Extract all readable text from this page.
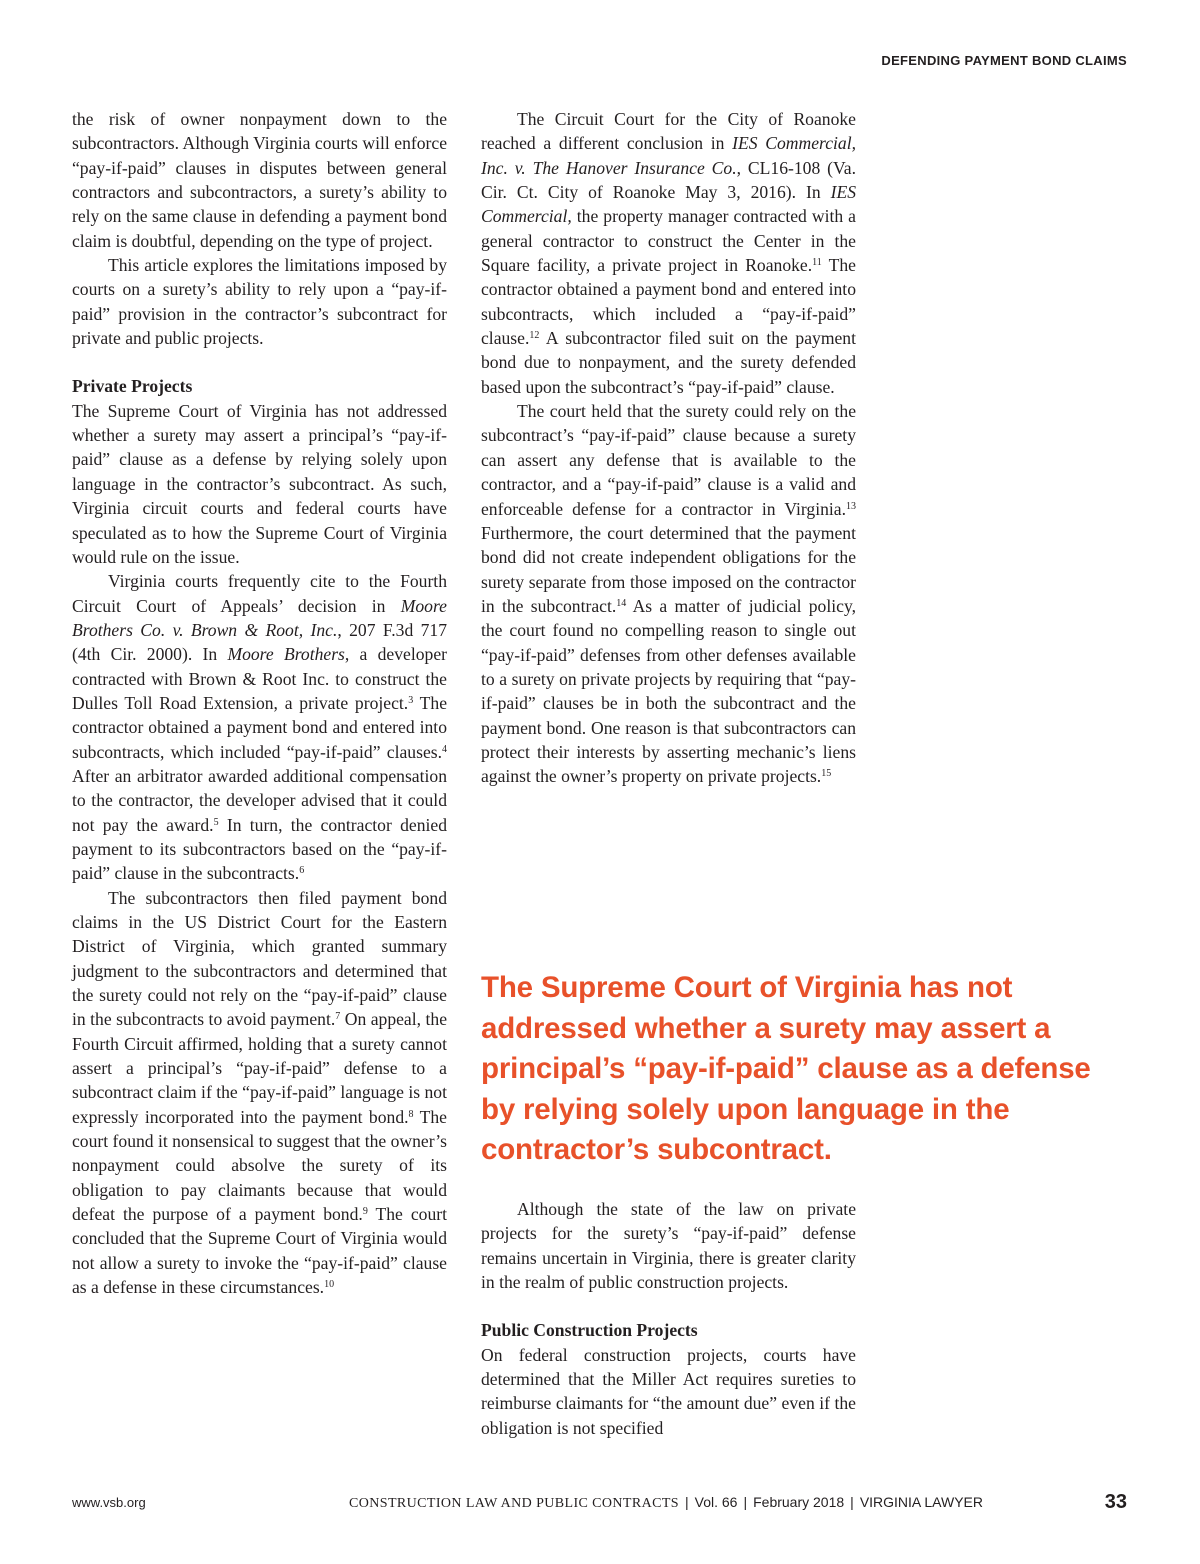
DEFENDING PAYMENT BOND CLAIMS

the risk of owner nonpayment down to the subcontractors. Although Virginia courts will enforce “pay-if-paid” clauses in disputes between general contractors and subcontractors, a surety’s ability to rely on the same clause in defending a payment bond claim is doubtful, depending on the type of project.

This article explores the limitations imposed by courts on a surety’s ability to rely upon a “pay-if-paid” provision in the contractor’s subcontract for private and public projects.

Private Projects

The Supreme Court of Virginia has not addressed whether a surety may assert a principal’s “pay-if-paid” clause as a defense by relying solely upon language in the contractor’s subcontract. As such, Virginia circuit courts and federal courts have speculated as to how the Supreme Court of Virginia would rule on the issue.

Virginia courts frequently cite to the Fourth Circuit Court of Appeals’ decision in Moore Brothers Co. v. Brown & Root, Inc., 207 F.3d 717 (4th Cir. 2000). In Moore Brothers, a developer contracted with Brown & Root Inc. to construct the Dulles Toll Road Extension, a private project.$^3$ The contractor obtained a payment bond and entered into subcontracts, which included “pay-if-paid” clauses.$^4$ After an arbitrator awarded additional compensation to the contractor, the developer advised that it could not pay the award.$^5$ In turn, the contractor denied payment to its subcontractors based on the “pay-if-paid” clause in the subcontracts.$^6$

The subcontractors then filed payment bond claims in the US District Court for the Eastern District of Virginia, which granted summary judgment to the subcontractors and determined that the surety could not rely on the “pay-if-paid” clause in the subcontracts to avoid payment.$^7$ On appeal, the Fourth Circuit affirmed, holding that a surety cannot assert a principal’s “pay-if-paid” defense to a subcontract claim if the “pay-if-paid” language is not expressly incorporated into the payment bond.$^8$ The court found it nonsensical to suggest that the owner’s nonpayment could absolve the surety of its obligation to pay claimants because that would defeat the purpose of a payment bond.$^9$ The court concluded that the Supreme Court of Virginia would not allow a surety to invoke the “pay-if-paid” clause as a defense in these circumstances.$^{10}$

The Circuit Court for the City of Roanoke reached a different conclusion in IES Commercial, Inc. v. The Hanover Insurance Co., CL16-108 (Va. Cir. Ct. City of Roanoke May 3, 2016). In IES Commercial, the property manager contracted with a general contractor to construct the Center in the Square facility, a private project in Roanoke.$^{11}$ The contractor obtained a payment bond and entered into subcontracts, which included a “pay-if-paid” clause.$^{12}$ A subcontractor filed suit on the payment bond due to nonpayment, and the surety defended based upon the subcontract’s “pay-if-paid” clause.

The court held that the surety could rely on the subcontract’s “pay-if-paid” clause because a surety can assert any defense that is available to the contractor, and a “pay-if-paid” clause is a valid and enforceable defense for a contractor in Virginia.$^{13}$ Furthermore, the court determined that the payment bond did not create independent obligations for the surety separate from those imposed on the contractor in the subcontract.$^{14}$ As a matter of judicial policy, the court found no compelling reason to single out “pay-if-paid” defenses from other defenses available to a surety on private projects by requiring that “pay-if-paid” clauses be in both the subcontract and the payment bond. One reason is that subcontractors can protect their interests by asserting mechanic’s liens against the owner’s property on private projects.$^{15}$

The Supreme Court of Virginia has not addressed whether a surety may assert a principal’s “pay-if-paid” clause as a defense by relying solely upon language in the contractor’s subcontract.

Although the state of the law on private projects for the surety’s “pay-if-paid” defense remains uncertain in Virginia, there is greater clarity in the realm of public construction projects.

Public Construction Projects

On federal construction projects, courts have determined that the Miller Act requires sureties to reimburse claimants for “the amount due” even if the obligation is not specified

www.vsb.org	CONSTRUCTION LAW AND PUBLIC CONTRACTS | Vol. 66 | February 2018 | VIRGINIA LAWYER	33
